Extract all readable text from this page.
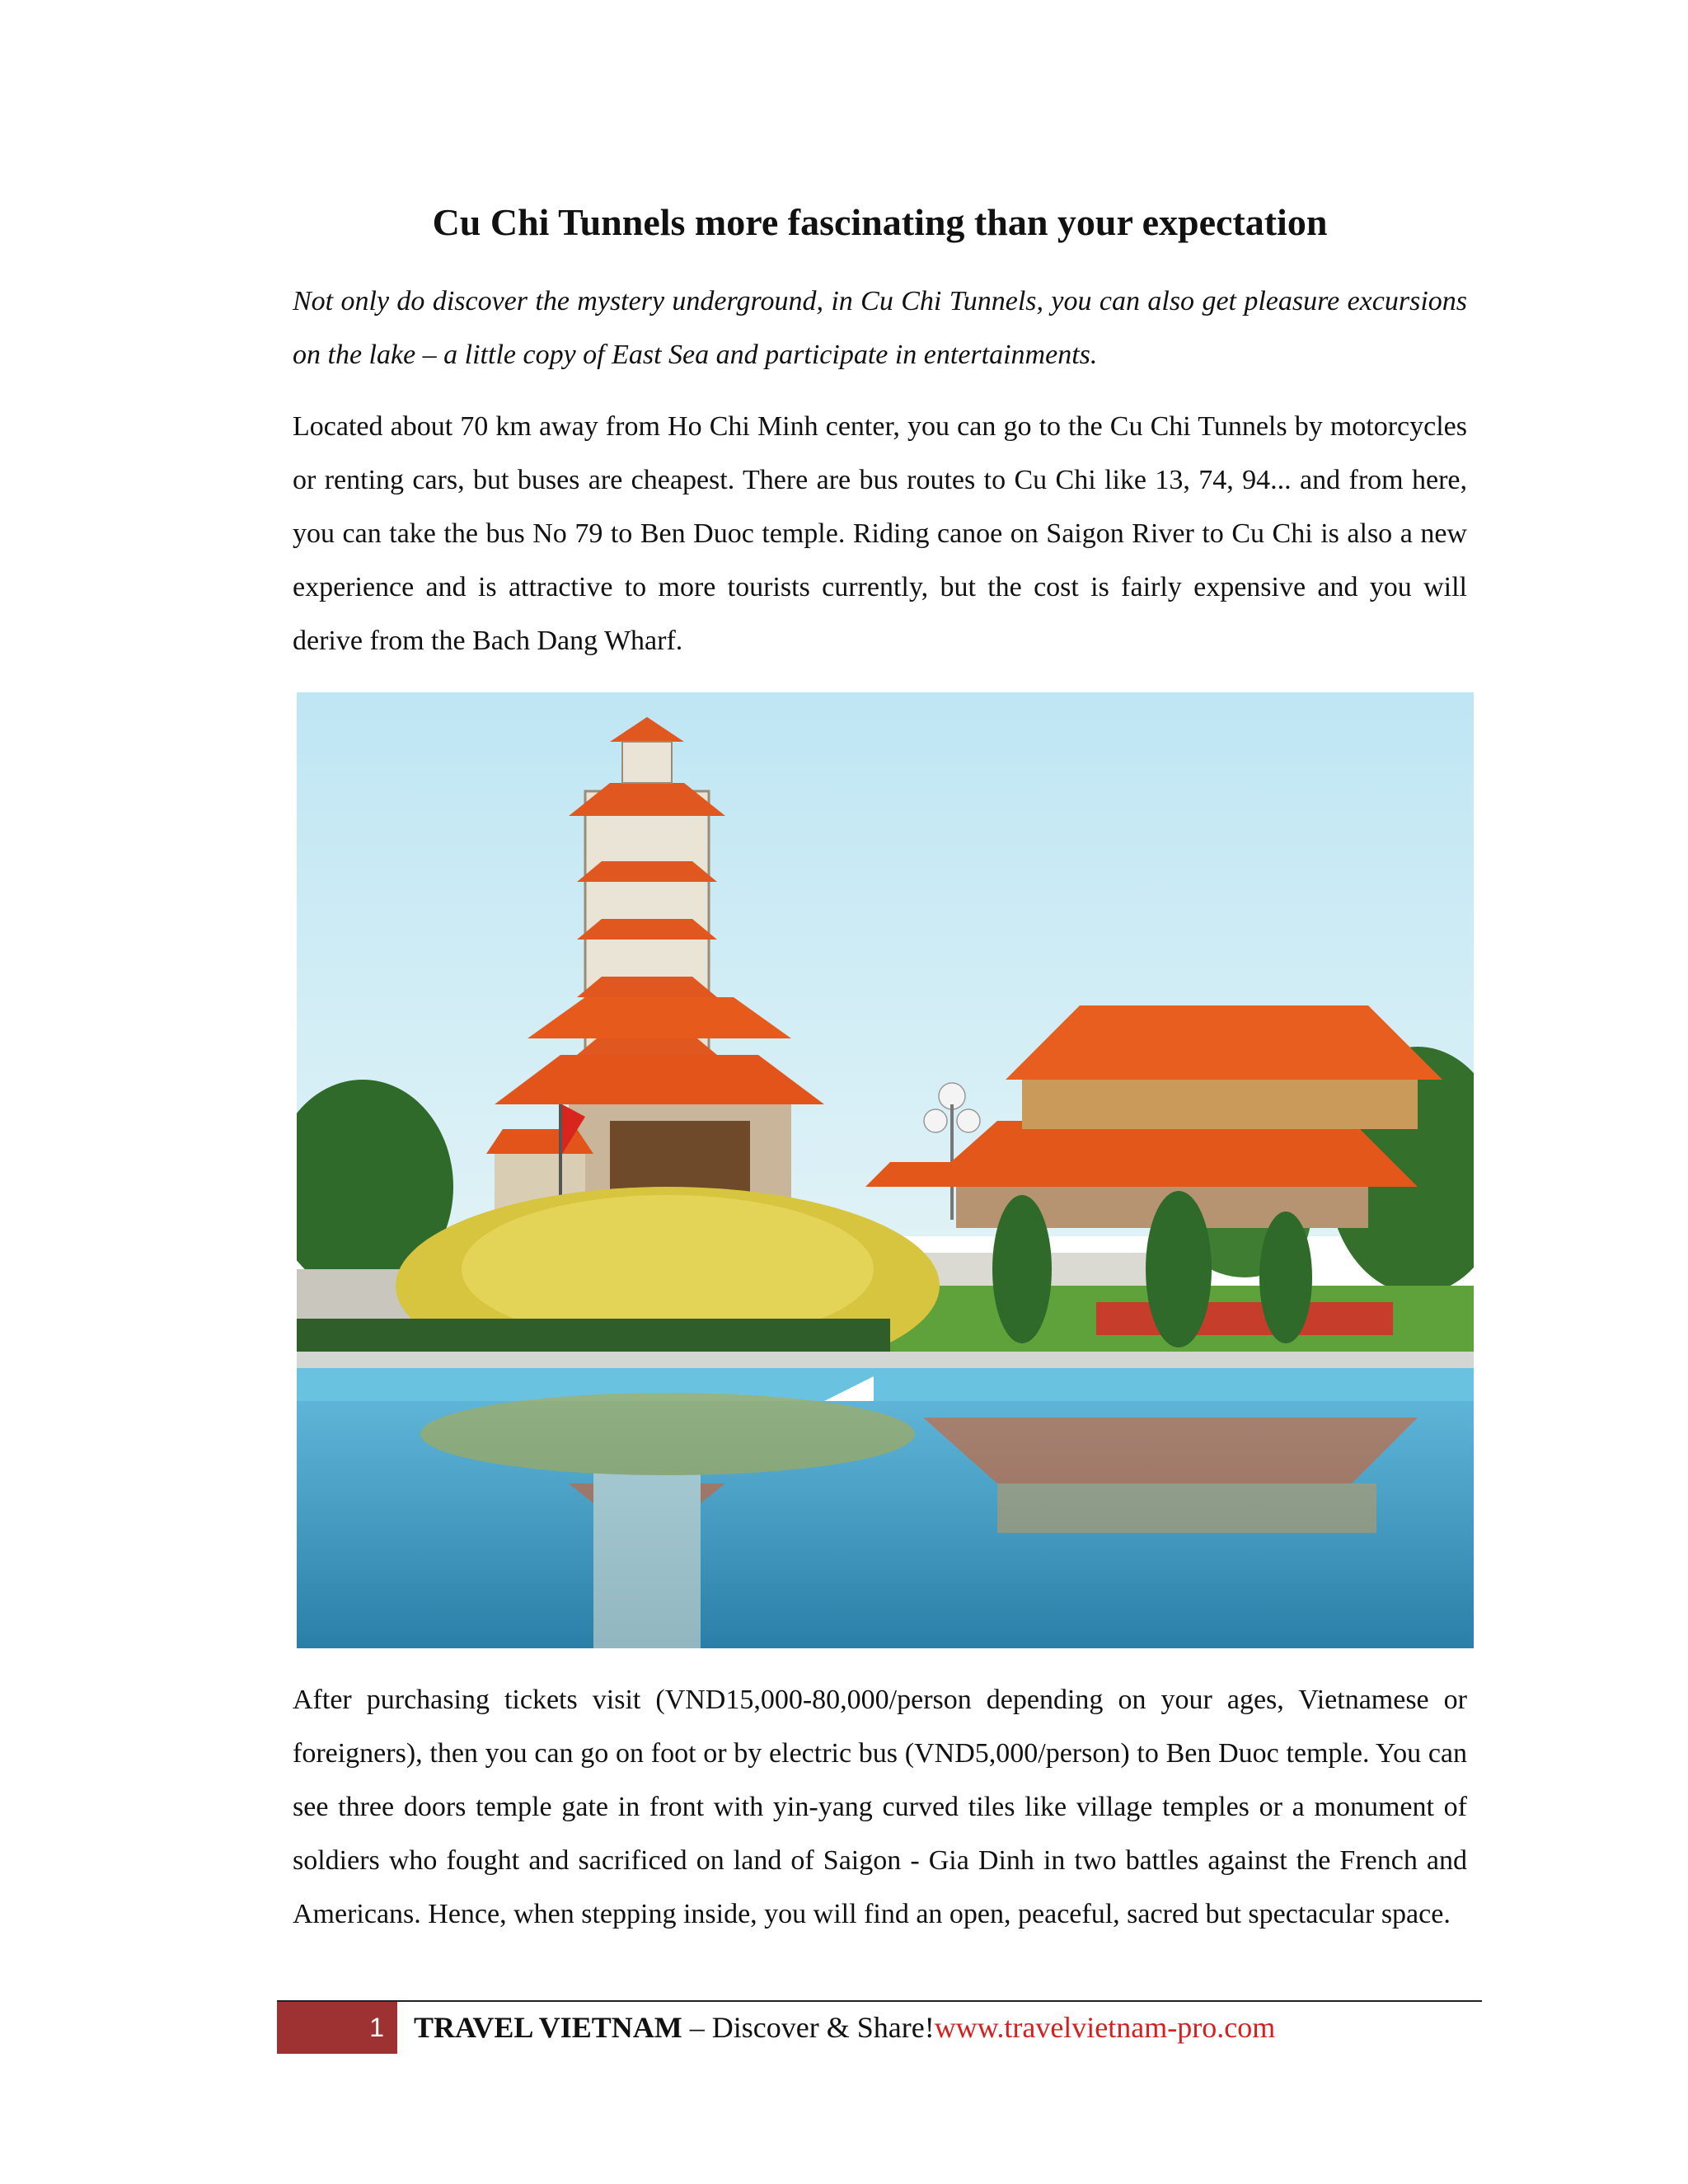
Cu Chi Tunnels more fascinating than your expectation
Not only do discover the mystery underground, in Cu Chi Tunnels, you can also get pleasure excursions on the lake – a little copy of East Sea and participate in entertainments.
Located about 70 km away from Ho Chi Minh center, you can go to the Cu Chi Tunnels by motorcycles or renting cars, but buses are cheapest. There are bus routes to Cu Chi like 13, 74, 94... and from here, you can take the bus No 79 to Ben Duoc temple. Riding canoe on Saigon River to Cu Chi is also a new experience and is attractive to more tourists currently, but the cost is fairly expensive and you will derive from the Bach Dang Wharf.
After purchasing tickets visit (VND15,000-80,000/person depending on your ages, Vietnamese or foreigners), then you can go on foot or by electric bus (VND5,000/person) to Ben Duoc temple. You can see three doors temple gate in front with yin-yang curved tiles like village temples or a monument of soldiers who fought and sacrificed on land of Saigon - Gia Dinh in two battles against the French and Americans. Hence, when stepping inside, you will find an open, peaceful, sacred but spectacular space.
1 TRAVEL VIETNAM – Discover & Share!www.travelvietnam-pro.com
